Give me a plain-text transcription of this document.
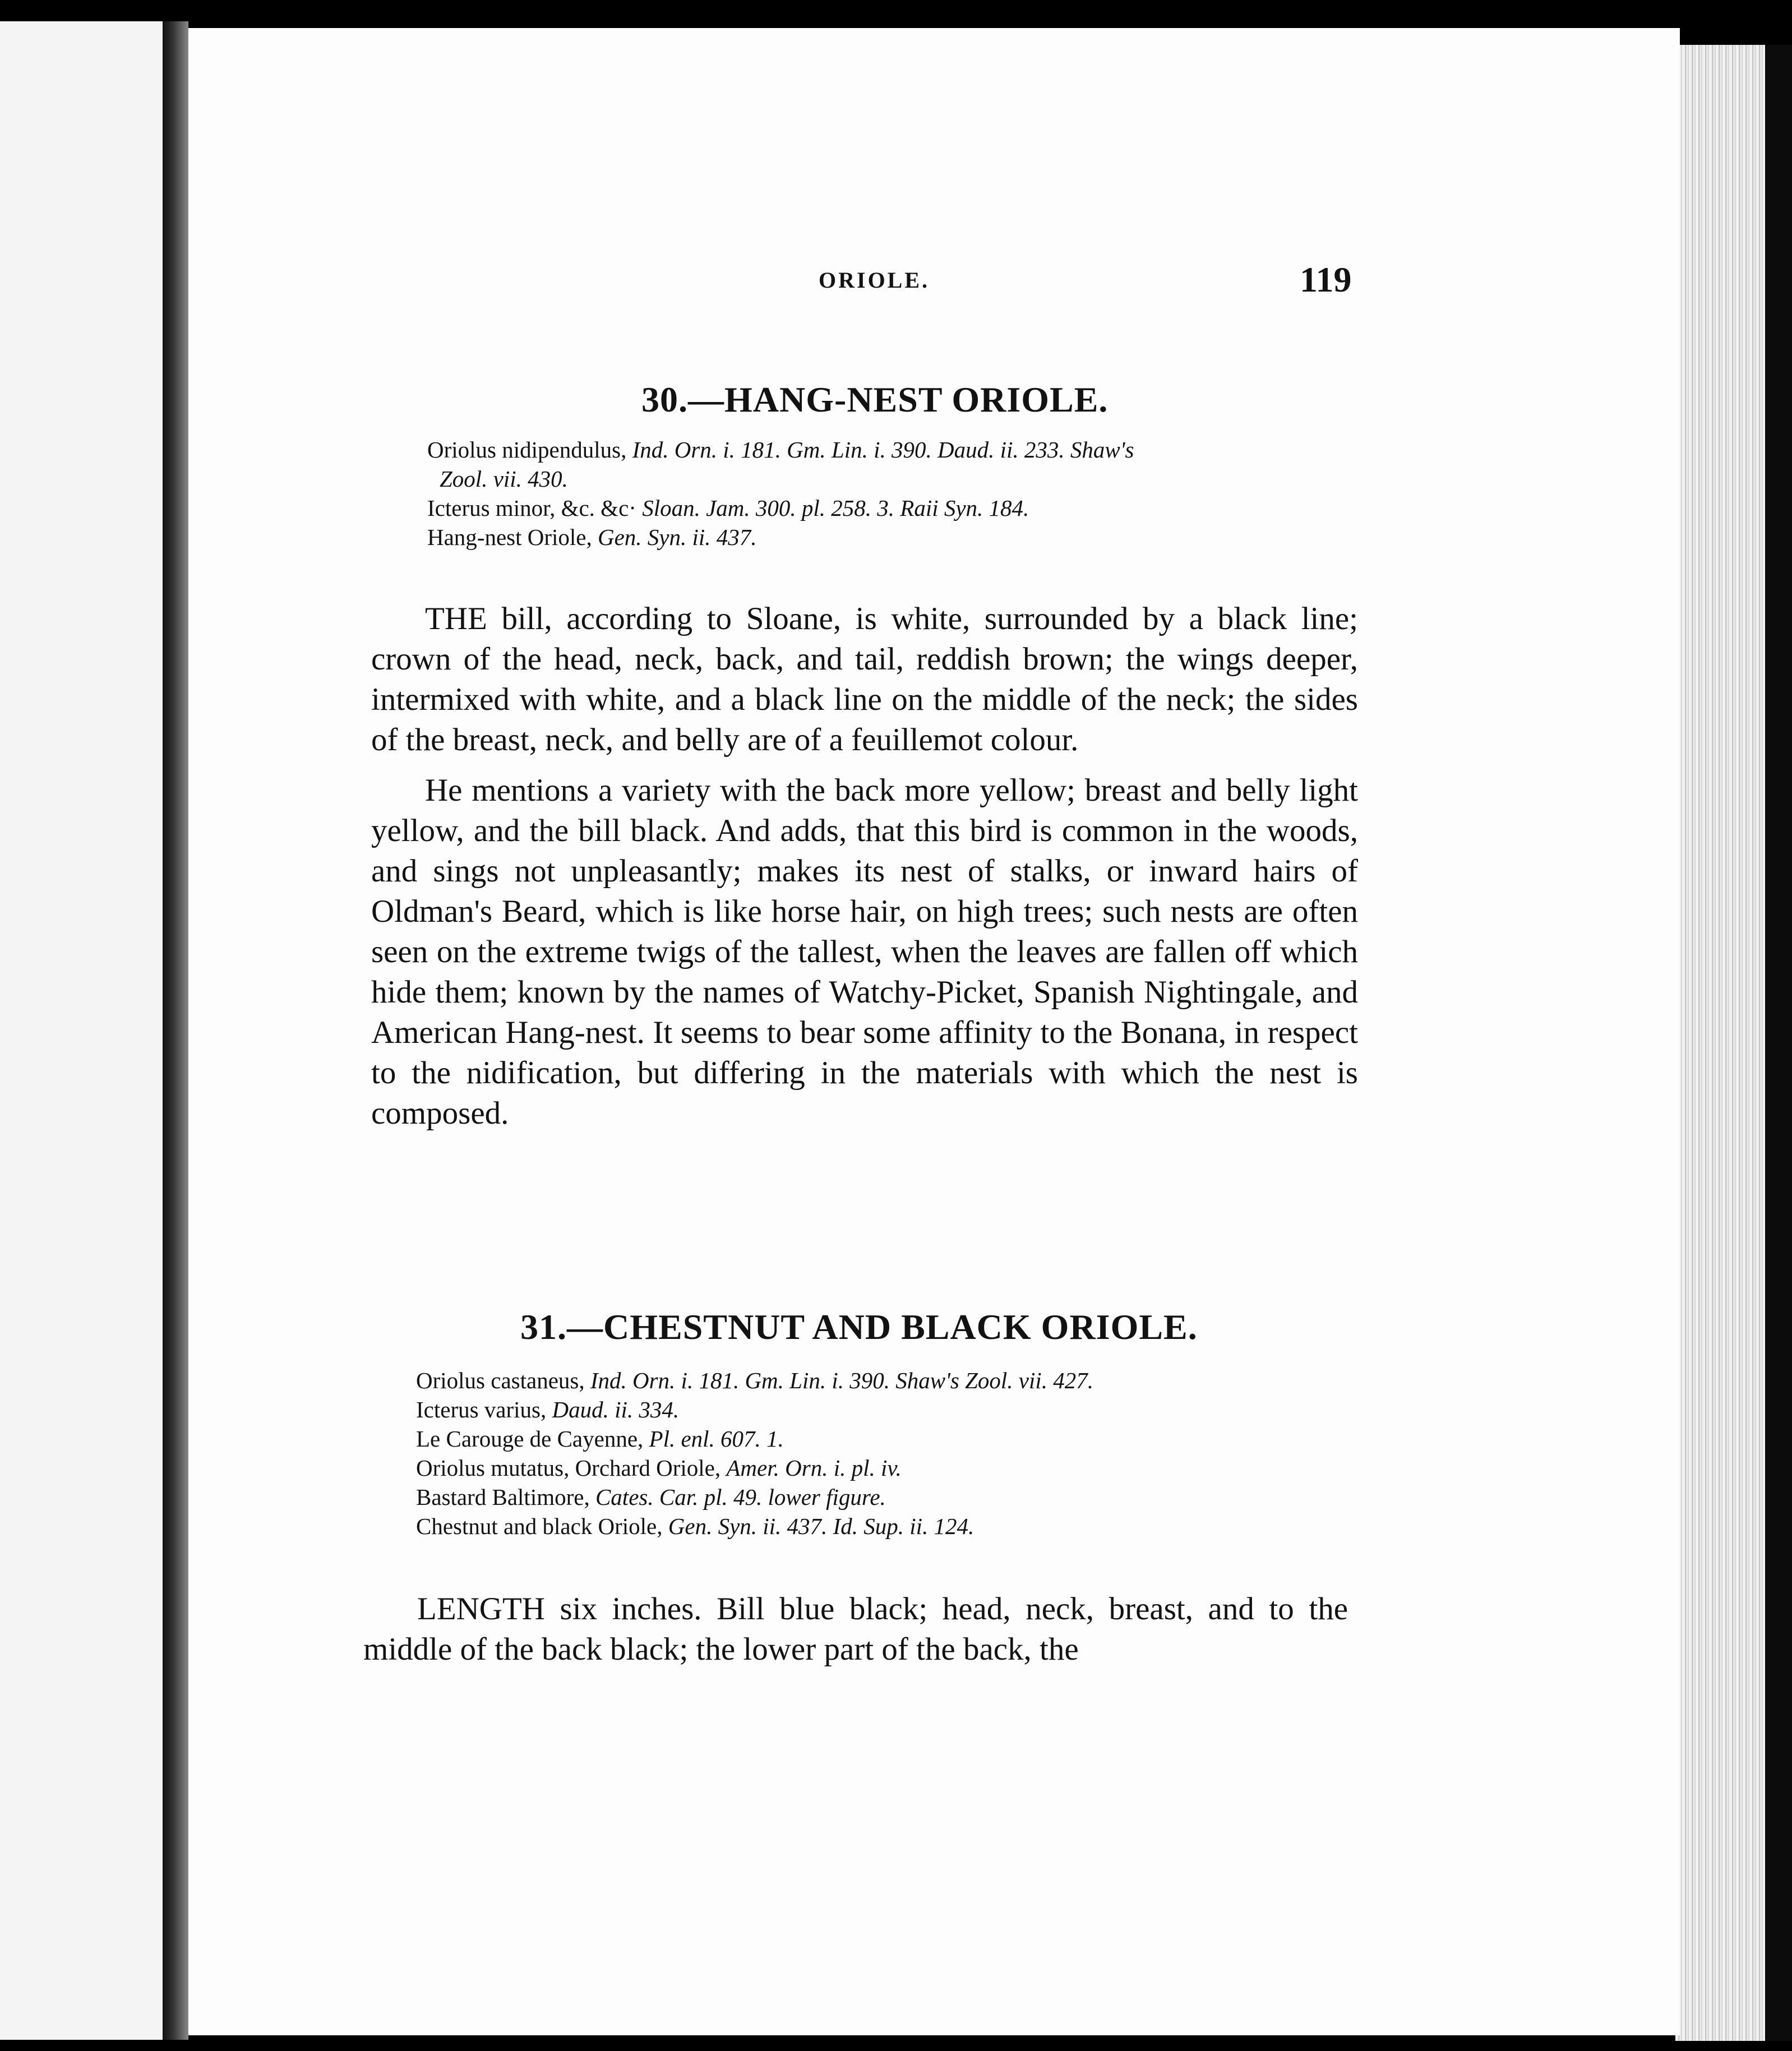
ORIOLE.	119
30.—HANG-NEST ORIOLE.
Oriolus nidipendulus, Ind. Orn. i. 181. Gm. Lin. i. 390. Daud. ii. 233. Shaw's
Zool. vii. 430.
Icterus minor, &c. &c· Sloan. Jam. 300. pl. 258. 3. Raii Syn. 184.
Hang-nest Oriole, Gen. Syn. ii. 437.

THE bill, according to Sloane, is white, surrounded by a black line; crown of the head, neck, back, and tail, reddish brown; the wings deeper, intermixed with white, and a black line on the middle of the neck; the sides of the breast, neck, and belly are of a feuillemot colour.

He mentions a variety with the back more yellow; breast and belly light yellow, and the bill black. And adds, that this bird is common in the woods, and sings not unpleasantly; makes its nest of stalks, or inward hairs of Oldman's Beard, which is like horse hair, on high trees; such nests are often seen on the extreme twigs of the tallest, when the leaves are fallen off which hide them; known by the names of Watchy-Picket, Spanish Nightingale, and American Hang-nest. It seems to bear some affinity to the Bonana, in respect to the nidification, but differing in the materials with which the nest is composed.

31.—CHESTNUT AND BLACK ORIOLE.
Oriolus castaneus, Ind. Orn. i. 181. Gm. Lin. i. 390. Shaw's Zool. vii. 427.
Icterus varius, Daud. ii. 334.
Le Carouge de Cayenne, Pl. enl. 607. 1.
Oriolus mutatus, Orchard Oriole, Amer. Orn. i. pl. iv.
Bastard Baltimore, Cates. Car. pl. 49. lower figure.
Chestnut and black Oriole, Gen. Syn. ii. 437. Id. Sup. ii. 124.

LENGTH six inches. Bill blue black; head, neck, breast, and to the middle of the back black; the lower part of the back, the
